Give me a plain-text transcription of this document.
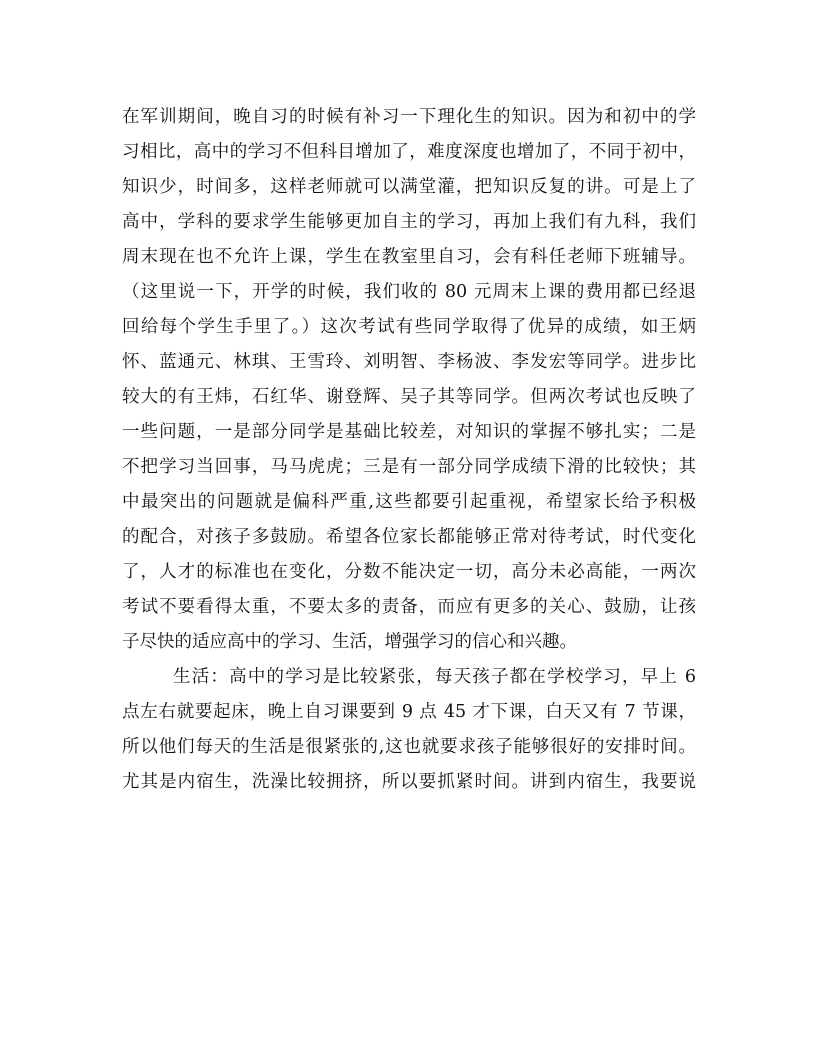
在军训期间，晚自习的时候有补习一下理化生的知识。因为和初中的学
习相比，高中的学习不但科目增加了，难度深度也增加了，不同于初中，
知识少，时间多，这样老师就可以满堂灌，把知识反复的讲。可是上了
高中，学科的要求学生能够更加自主的学习，再加上我们有九科，我们
周末现在也不允许上课，学生在教室里自习，会有科任老师下班辅导。
（这里说一下，开学的时候，我们收的 80 元周末上课的费用都已经退
回给每个学生手里了。）这次考试有些同学取得了优异的成绩，如王炳
怀、蓝通元、林琪、王雪玲、刘明智、李杨波、李发宏等同学。进步比
较大的有王炜，石红华、谢登辉、吴子其等同学。但两次考试也反映了
一些问题，一是部分同学是基础比较差，对知识的掌握不够扎实；二是
不把学习当回事，马马虎虎；三是有一部分同学成绩下滑的比较快；其
中最突出的问题就是偏科严重,这些都要引起重视，希望家长给予积极
的配合，对孩子多鼓励。希望各位家长都能够正常对待考试，时代变化
了，人才的标准也在变化，分数不能决定一切，高分未必高能，一两次
考试不要看得太重，不要太多的责备，而应有更多的关心、鼓励，让孩
子尽快的适应高中的学习、生活，增强学习的信心和兴趣。
生活：高中的学习是比较紧张，每天孩子都在学校学习，早上 6
点左右就要起床，晚上自习课要到 9 点 45 才下课，白天又有 7 节课，
所以他们每天的生活是很紧张的,这也就要求孩子能够很好的安排时间。
尤其是内宿生，洗澡比较拥挤，所以要抓紧时间。讲到内宿生，我要说
